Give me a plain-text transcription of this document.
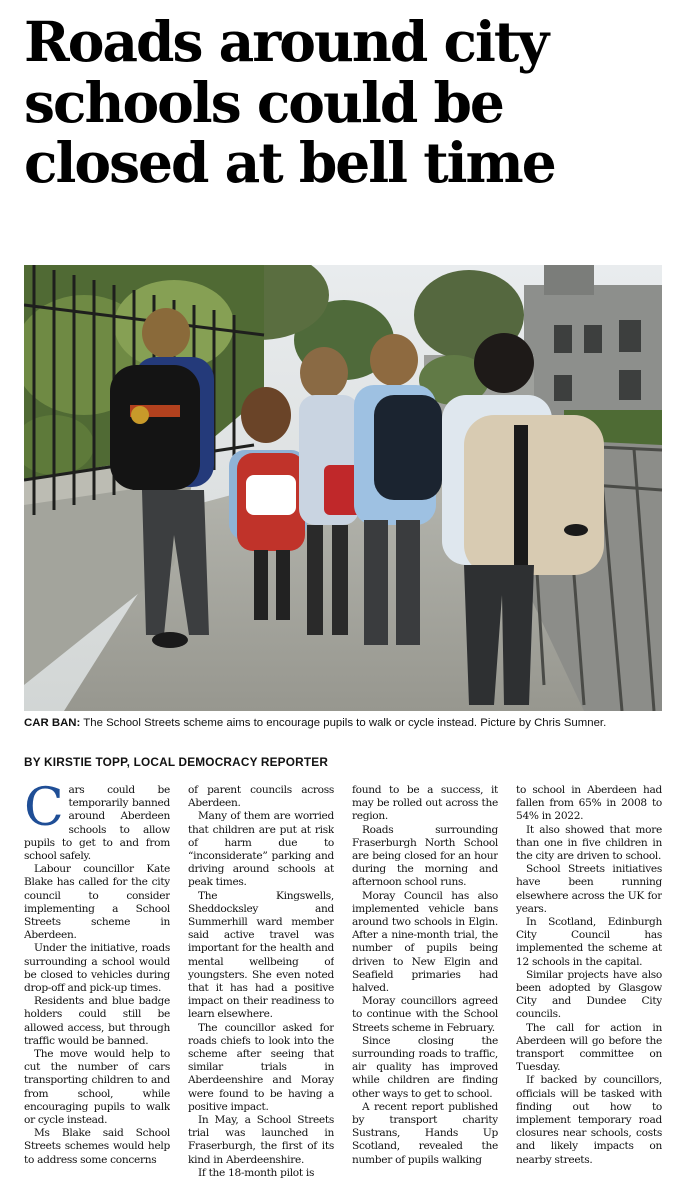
Roads around city
schools could be
closed at bell time

CAR BAN: The School Streets scheme aims to encourage pupils to walk or cycle instead. Picture by Chris Sumner.

BY KIRSTIE TOPP, LOCAL DEMOCRACY REPORTER

Cars could be temporarily banned around Aberdeen schools to allow pupils to get to and from school safely.

Labour councillor Kate Blake has called for the city council to consider implementing a School Streets scheme in Aberdeen.

Under the initiative, roads surrounding a school would be closed to vehicles during drop-off and pick-up times.

Residents and blue badge holders could still be allowed access, but through traffic would be banned.

The move would help to cut the number of cars transporting children to and from school, while encouraging pupils to walk or cycle instead.

Ms Blake said School Streets schemes would help to address some concerns

of parent councils across Aberdeen.

Many of them are worried that children are put at risk of harm due to “inconsiderate” parking and driving around schools at peak times.

The Kingswells, Sheddocksley and Summerhill ward member said active travel was important for the health and mental wellbeing of youngsters. She even noted that it has had a positive impact on their readiness to learn elsewhere.

The councillor asked for roads chiefs to look into the scheme after seeing that similar trials in Aberdeenshire and Moray were found to be having a positive impact.

In May, a School Streets trial was launched in Fraserburgh, the first of its kind in Aberdeenshire.

If the 18-month pilot is

found to be a success, it may be rolled out across the region.

Roads surrounding Fraserburgh North School are being closed for an hour during the morning and afternoon school runs.

Moray Council has also implemented vehicle bans around two schools in Elgin. After a nine-month trial, the number of pupils being driven to New Elgin and Seafield primaries had halved.

Moray councillors agreed to continue with the School Streets scheme in February.

Since closing the surrounding roads to traffic, air quality has improved while children are finding other ways to get to school.

A recent report published by transport charity Sustrans, Hands Up Scotland, revealed the number of pupils walking

to school in Aberdeen had fallen from 65% in 2008 to 54% in 2022.

It also showed that more than one in five children in the city are driven to school.

School Streets initiatives have been running elsewhere across the UK for years.

In Scotland, Edinburgh City Council has implemented the scheme at 12 schools in the capital.

Similar projects have also been adopted by Glasgow City and Dundee City councils.

The call for action in Aberdeen will go before the transport committee on Tuesday.

If backed by councillors, officials will be tasked with finding out how to implement temporary road closures near schools, costs and likely impacts on nearby streets.
